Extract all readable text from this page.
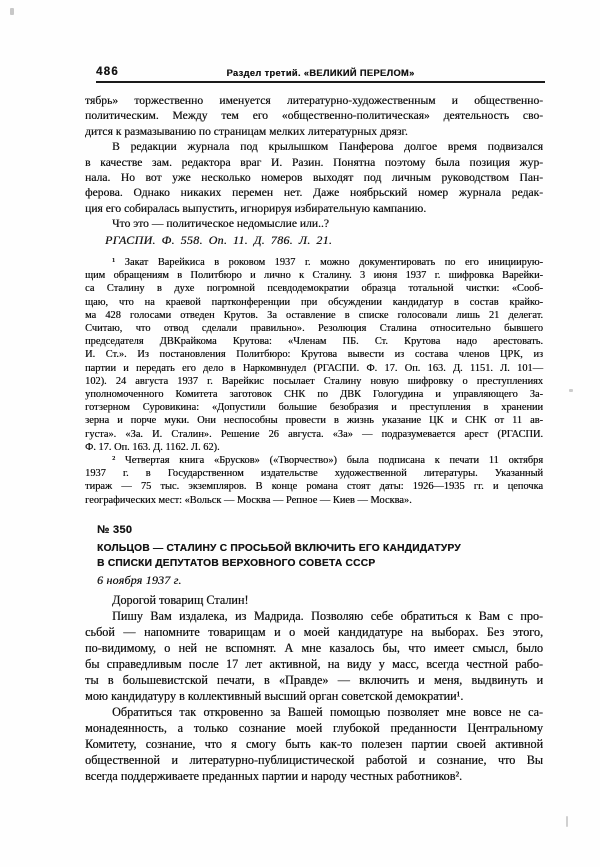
486	Раздел третий. «ВЕЛИКИЙ ПЕРЕЛОМ»
тябрь» торжественно именуется литературно-художественным и общественно-
политическим. Между тем его «общественно-политическая» деятельность сво-
дится к размазыванию по страницам мелких литературных дрязг.
В редакции журнала под крылышком Панферова долгое время подвизался
в качестве зам. редактора враг И. Разин. Понятна поэтому была позиция жур-
нала. Но вот уже несколько номеров выходят под личным руководством Пан-
ферова. Однако никаких перемен нет. Даже ноябрьский номер журнала редак-
ция его собиралась выпустить, игнорируя избирательную кампанию.
Что это — политическое недомыслие или..?
РГАСПИ. Ф. 558. Оп. 11. Д. 786. Л. 21.
¹ Закат Варейкиса в роковом 1937 г. можно документировать по его инициирую-
щим обращениям в Политбюро и лично к Сталину. 3 июня 1937 г. шифровка Варейки-
са Сталину в духе погромной псевдодемократии образца тотальной чистки: «Сооб-
щаю, что на краевой партконференции при обсуждении кандидатур в состав крайко-
ма 428 голосами отведен Крутов. За оставление в списке голосовали лишь 21 делегат.
Считаю, что отвод сделали правильно». Резолюция Сталина относительно бывшего
председателя ДВКрайкома Крутова: «Членам ПБ. Ст. Крутова надо арестовать.
И. Ст.». Из постановления Политбюро: Крутова вывести из состава членов ЦРК, из
партии и передать его дело в Наркомвнудел (РГАСПИ. Ф. 17. Оп. 163. Д. 1151. Л. 101—
102). 24 августа 1937 г. Варейкис посылает Сталину новую шифровку о преступлениях
уполномоченного Комитета заготовок СНК по ДВК Гологудина и управляющего За-
готзерном Суровикина: «Допустили большие безобразия и преступления в хранении
зерна и порче муки. Они неспособны провести в жизнь указание ЦК и СНК от 11 ав-
густа». «За. И. Сталин». Решение 26 августа. «За» — подразумевается арест (РГАСПИ.
Ф. 17. Оп. 163. Д. 1162. Л. 62).
² Четвертая книга «Брусков» («Творчество») была подписана к печати 11 октября
1937 г. в Государственном издательстве художественной литературы. Указанный
тираж — 75 тыс. экземпляров. В конце романа стоят даты: 1926—1935 гг. и цепочка
географических мест: «Вольск — Москва — Репное — Киев — Москва».
№ 350
КОЛЬЦОВ — СТАЛИНУ С ПРОСЬБОЙ ВКЛЮЧИТЬ ЕГО КАНДИДАТУРУ
В СПИСКИ ДЕПУТАТОВ ВЕРХОВНОГО СОВЕТА СССР
6 ноября 1937 г.
Дорогой товарищ Сталин!
Пишу Вам издалека, из Мадрида. Позволяю себе обратиться к Вам с про-
сьбой — напомните товарищам и о моей кандидатуре на выборах. Без этого,
по-видимому, о ней не вспомнят. А мне казалось бы, что имеет смысл, было
бы справедливым после 17 лет активной, на виду у масс, всегда честной рабо-
ты в большевистской печати, в «Правде» — включить и меня, выдвинуть и
мою кандидатуру в коллективный высший орган советской демократии¹.
Обратиться так откровенно за Вашей помощью позволяет мне вовсе не са-
монадеянность, а только сознание моей глубокой преданности Центральному
Комитету, сознание, что я смогу быть как-то полезен партии своей активной
общественной и литературно-публицистической работой и сознание, что Вы
всегда поддерживаете преданных партии и народу честных работников².
